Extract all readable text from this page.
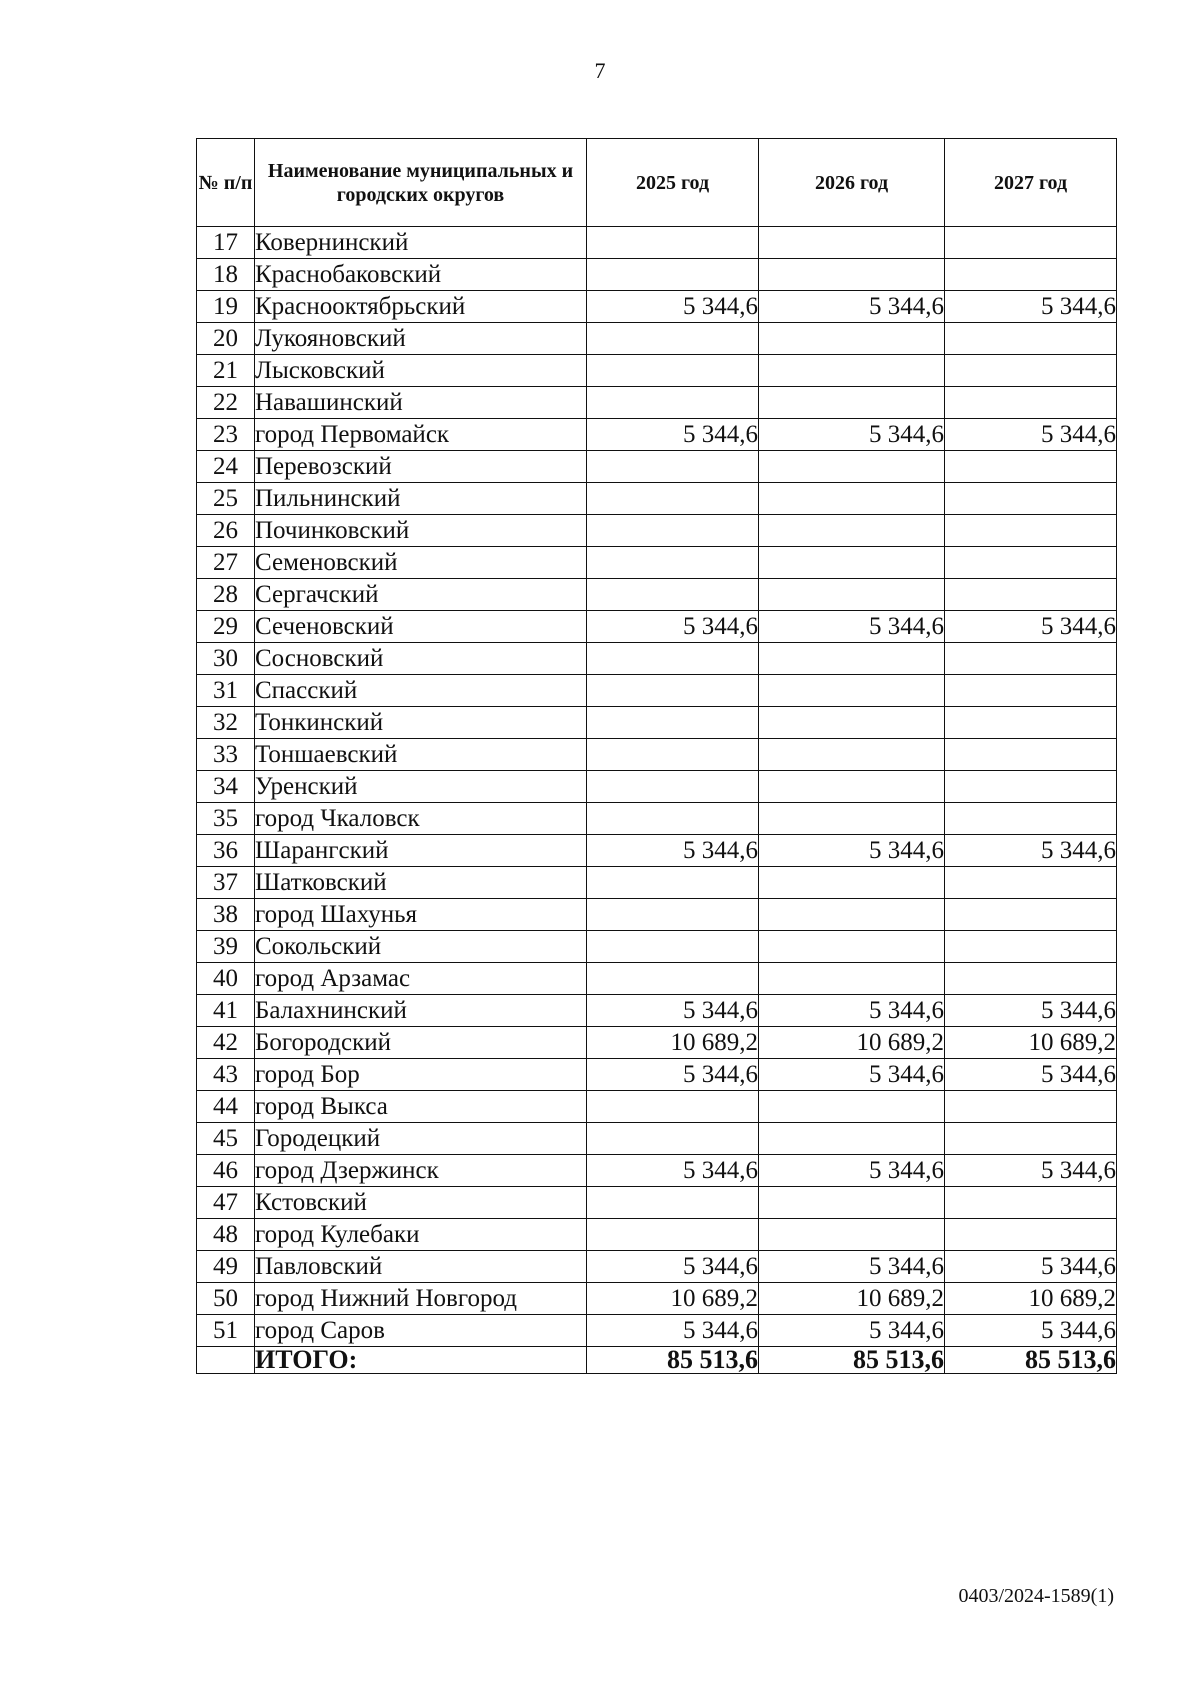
7
№ п/п	Наименование муниципальных и городских округов	2025 год	2026 год	2027 год
17	Ковернинский			
18	Краснобаковский			
19	Краснооктябрьский	5 344,6	5 344,6	5 344,6
20	Лукояновский			
21	Лысковский			
22	Навашинский			
23	город Первомайск	5 344,6	5 344,6	5 344,6
24	Перевозский			
25	Пильнинский			
26	Починковский			
27	Семеновский			
28	Сергачский			
29	Сеченовский	5 344,6	5 344,6	5 344,6
30	Сосновский			
31	Спасский			
32	Тонкинский			
33	Тоншаевский			
34	Уренский			
35	город Чкаловск			
36	Шарангский	5 344,6	5 344,6	5 344,6
37	Шатковский			
38	город Шахунья			
39	Сокольский			
40	город Арзамас			
41	Балахнинский	5 344,6	5 344,6	5 344,6
42	Богородский	10 689,2	10 689,2	10 689,2
43	город Бор	5 344,6	5 344,6	5 344,6
44	город Выкса			
45	Городецкий			
46	город Дзержинск	5 344,6	5 344,6	5 344,6
47	Кстовский			
48	город Кулебаки			
49	Павловский	5 344,6	5 344,6	5 344,6
50	город Нижний Новгород	10 689,2	10 689,2	10 689,2
51	город Саров	5 344,6	5 344,6	5 344,6
	ИТОГО:	85 513,6	85 513,6	85 513,6
0403/2024-1589(1)
